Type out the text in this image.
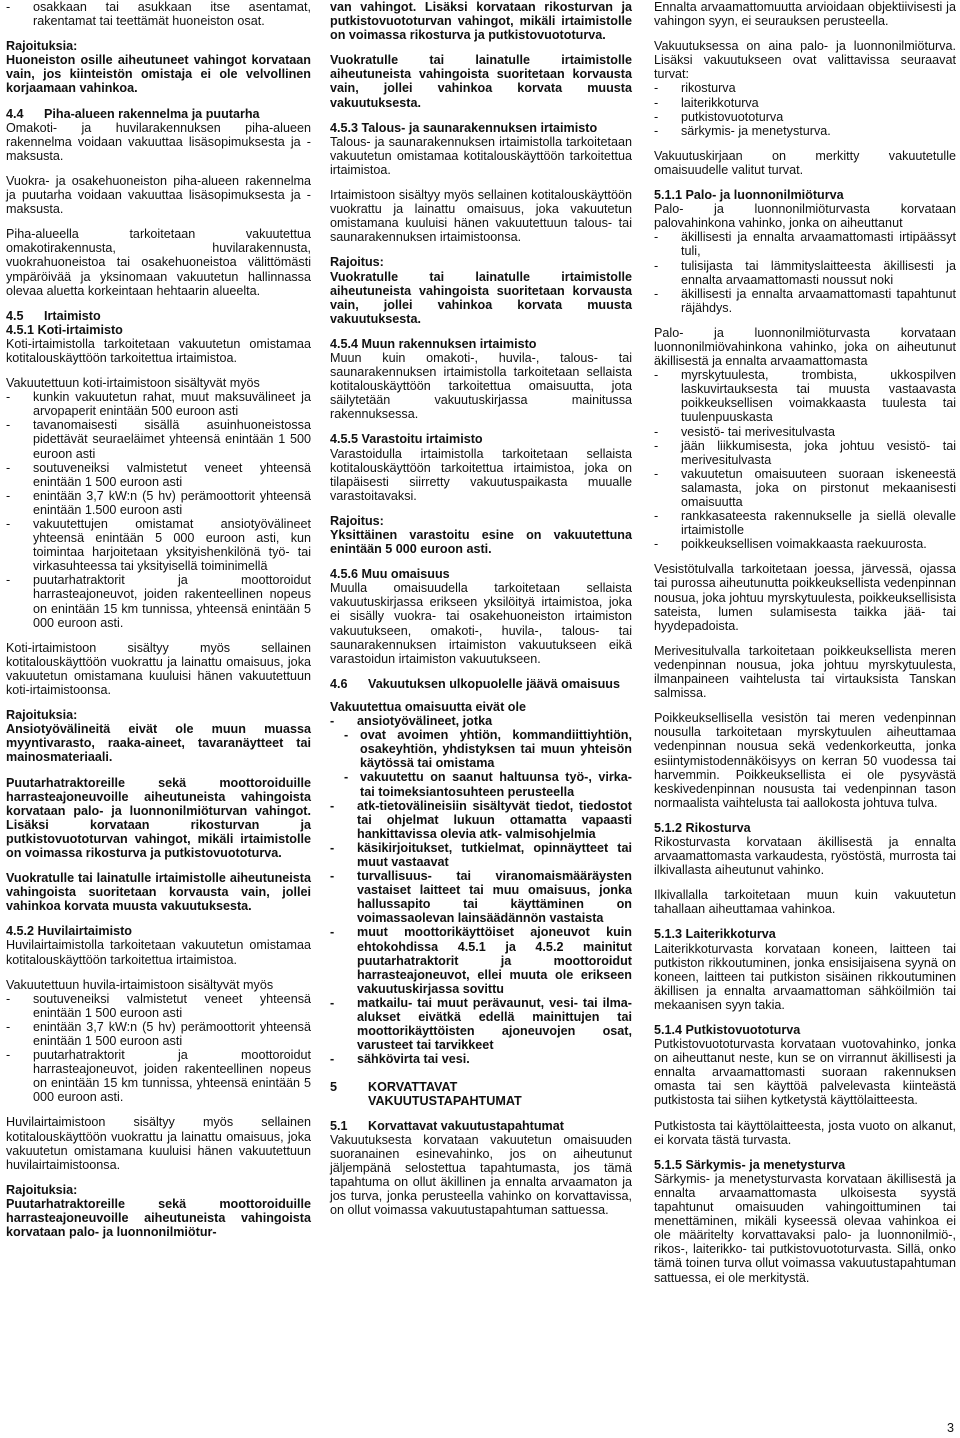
- osakkaan tai asukkaan itse asentamat, rakentamat tai teettämät huoneiston osat.
Rajoituksia:
Huoneiston osille aiheutuneet vahingot korvataan vain, jos kiinteistön omistaja ei ole velvollinen korjaamaan vahinkoa.
4.4 Piha-alueen rakennelma ja puutarha
Omakoti- ja huvilarakennuksen piha-alueen rakennelma voidaan vakuuttaa lisäsopimuksesta ja -maksusta.
Vuokra- ja osakehuoneiston piha-alueen rakennelma ja puutarha voidaan vakuuttaa lisäsopimuksesta ja -maksusta.
Piha-alueella tarkoitetaan vakuutettua omakotirakennusta, huvilarakennusta, vuokrahuoneistoa tai osakehuoneistoa välittömästi ympäröivää ja yksinomaan vakuutetun hallinnassa olevaa aluetta korkeintaan hehtaarin alueelta.
4.5 Irtaimisto
4.5.1 Koti-irtaimisto
Koti-irtaimistolla tarkoitetaan vakuutetun omistamaa kotitalouskäyttöön tarkoitettua irtaimistoa.
Vakuutettuun koti-irtaimistoon sisältyvät myös
- kunkin vakuutetun rahat, muut maksuvälineet ja arvopaperit enintään 500 euroon asti
- tavanomaisesti sisällä asuinhuoneistossa pidettävät seuraeläimet yhteensä enintään 1 500 euroon asti
- soutuveneiksi valmistetut veneet yhteensä enintään 1 500 euroon asti
- enintään 3,7 kW:n (5 hv) perämoottorit yhteensä enintään 1.500 euroon asti
- vakuutettujen omistamat ansiotyövälineet yhteensä enintään 5 000 euroon asti, kun toimintaa harjoitetaan yksityishenkilönä työ- tai virkasuhteessa tai yksityisellä toiminimellä
- puutarhatraktorit ja moottoroidut harrasteajoneuvot, joiden rakenteellinen nopeus on enintään 15 km tunnissa, yhteensä enintään 5 000 euroon asti.
Koti-irtaimistoon sisältyy myös sellainen kotitalouskäyttöön vuokrattu ja lainattu omaisuus, joka vakuutetun omistamana kuuluisi hänen vakuutettuun koti-irtaimistoonsa.
Rajoituksia:
Ansiotyövälineitä eivät ole muun muassa myyntivarasto, raaka-aineet, tavaranäytteet tai mainosmateriaali.
Puutarhatraktoreille sekä moottoroiduille harrasteajoneuvoille aiheutuneista vahingoista korvataan palo- ja luonnonilmiöturvan vahingot. Lisäksi korvataan rikosturvan ja putkistovuototurvan vahingot, mikäli irtaimistolle on voimassa rikosturva ja putkistovuototurva.
Vuokratulle tai lainatulle irtaimistolle aiheutuneista vahingoista suoritetaan korvausta vain, jollei vahinkoa korvata muusta vakuutuksesta.
4.5.2 Huvilairtaimisto
Huvilairtaimistolla tarkoitetaan vakuutetun omistamaa kotitalouskäyttöön tarkoitettua irtaimistoa.
Vakuutettuun huvila-irtaimistoon sisältyvät myös
- soutuveneiksi valmistetut veneet yhteensä enintään 1 500 euroon asti
- enintään 3,7 kW:n (5 hv) perämoottorit yhteensä enintään 1 500 euroon asti
- puutarhatraktorit ja moottoroidut harrasteajoneuvot, joiden rakenteellinen nopeus on enintään 15 km tunnissa, yhteensä enintään 5 000 euroon asti.
Huvilairtaimistoon sisältyy myös sellainen kotitalouskäyttöön vuokrattu ja lainattu omaisuus, joka vakuutetun omistamana kuuluisi hänen vakuutettuun huvilairtaimistoonsa.
Rajoituksia:
Puutarhatraktoreille sekä moottoroiduille harrasteajoneuvoille aiheutuneista vahingoista korvataan palo- ja luonnonilmiötur-
van vahingot. Lisäksi korvataan rikosturvan ja putkistovuototurvan vahingot, mikäli irtaimistolle on voimassa rikosturva ja putkistovuototurva.
Vuokratulle tai lainatulle irtaimistolle aiheutuneista vahingoista suoritetaan korvausta vain, jollei vahinkoa korvata muusta vakuutuksesta.
4.5.3 Talous- ja saunarakennuksen irtaimisto
Talous- ja saunarakennuksen irtaimistolla tarkoitetaan vakuutetun omistamaa kotitalouskäyttöön tarkoitettua irtaimistoa.
Irtaimistoon sisältyy myös sellainen kotitalouskäyttöön vuokrattu ja lainattu omaisuus, joka vakuutetun omistamana kuuluisi hänen vakuutettuun talous- tai saunarakennuksen irtaimistoonsa.
Rajoitus:
Vuokratulle tai lainatulle irtaimistolle aiheutuneista vahingoista suoritetaan korvausta vain, jollei vahinkoa korvata muusta vakuutuksesta.
4.5.4 Muun rakennuksen irtaimisto
Muun kuin omakoti-, huvila-, talous- tai saunarakennuksen irtaimistolla tarkoitetaan sellaista kotitalouskäyttöön tarkoitettua omaisuutta, jota säilytetään vakuutuskirjassa mainitussa rakennuksessa.
4.5.5 Varastoitu irtaimisto
Varastoidulla irtaimistolla tarkoitetaan sellaista kotitalouskäyttöön tarkoitettua irtaimistoa, joka on tilapäisesti siirretty vakuutuspaikasta muualle varastoitavaksi.
Rajoitus:
Yksittäinen varastoitu esine on vakuutettuna enintään 5 000 euroon asti.
4.5.6 Muu omaisuus
Muulla omaisuudella tarkoitetaan sellaista vakuutuskirjassa erikseen yksilöityä irtaimistoa, joka ei sisälly vuokra- tai osakehuoneiston irtaimiston vakuutukseen, omakoti-, huvila-, talous- tai saunarakennuksen irtaimiston vakuutukseen eikä varastoidun irtaimiston vakuutukseen.
4.6	Vakuutuksen ulkopuolelle jäävä omaisuus
Vakuutettua omaisuutta eivät ole
- ansiotyövälineet, jotka
- ovat avoimen yhtiön, kommandiittiyhtiön, osakeyhtiön, yhdistyksen tai muun yhteisön käytössä tai omistama
- vakuutettu on saanut haltuunsa työ-, virka- tai toimeksiantosuhteen perusteella
- atk-tietovälineisiin sisältyvät tiedot, tiedostot tai ohjelmat lukuun ottamatta vapaasti hankittavissa olevia atk- valmisohjelmia
- käsikirjoitukset, tutkielmat, opinnäytteet tai muut vastaavat
- turvallisuus- tai viranomaismääräysten vastaiset laitteet tai muu omaisuus, jonka hallussapito tai käyttäminen on voimassaolevan lainsäädännön vastaista
- muut moottorikäyttöiset ajoneuvot kuin ehtokohdissa 4.5.1 ja 4.5.2 mainitut puutarhatraktorit ja moottoroidut harrasteajoneuvot, ellei muuta ole erikseen vakuutuskirjassa sovittu
- matkailu- tai muut perävaunut, vesi- tai ilma-alukset eivätkä edellä mainittujen tai moottorikäyttöisten ajoneuvojen osat, varusteet tai tarvikkeet
- sähkövirta tai vesi.
5	KORVATTAVAT
VAKUUTUSTAPAHTUMAT
5.1 Korvattavat vakuutustapahtumat
Vakuutuksesta korvataan vakuutetun omaisuuden suoranainen esinevahinko, jos on aiheutunut jäljempänä selostettua tapahtumasta, jos tämä tapahtuma on ollut äkillinen ja ennalta arvaamaton ja jos turva, jonka perusteella vahinko on korvattavissa, on ollut voimassa vakuutustapahtuman sattuessa.
Ennalta arvaamattomuutta arvioidaan objektiivisesti ja vahingon syyn, ei seurauksen perusteella.
Vakuutuksessa on aina palo- ja luonnonilmiöturva. Lisäksi vakuutukseen ovat valittavissa seuraavat turvat:
- rikosturva
- laiterikkoturva
- putkistovuototurva
- särkymis- ja menetysturva.
Vakuutuskirjaan on merkitty vakuutetulle omaisuudelle valitut turvat.
5.1.1 Palo- ja luonnonilmiöturva
Palo- ja luonnonilmiöturvasta korvataan palovahinkona vahinko, jonka on aiheuttanut
- äkillisesti ja ennalta arvaamattomasti irtipäässyt tuli,
- tulisijasta tai lämmityslaitteesta äkillisesti ja ennalta arvaamattomasti noussut noki
- äkillisesti ja ennalta arvaamattomasti tapahtunut räjähdys.
Palo- ja luonnonilmiöturvasta korvataan luonnonilmiövahinkona vahinko, joka on aiheutunut äkillisestä ja ennalta arvaamattomasta
- myrskytuulesta, trombista, ukkospilven laskuvirtauksesta tai muusta vastaavasta poikkeuksellisen voimakkaasta tuulesta tai tuulenpuuskasta
- vesistö- tai merivesitulvasta
- jään liikkumisesta, joka johtuu vesistö- tai merivesitulvasta
- vakuutetun omaisuuteen suoraan iskeneestä salamasta, joka on pirstonut mekaanisesti omaisuutta
- rankkasateesta rakennukselle ja siellä olevalle irtaimistolle
- poikkeuksellisen voimakkaasta raekuurosta.
Vesistötulvalla tarkoitetaan joessa, järvessä, ojassa tai purossa aiheutunutta poikkeuksellista vedenpinnan nousua, joka johtuu myrskytuulesta, poikkeuksellisista sateista, lumen sulamisesta taikka jää- tai hyydepadoista.
Merivesitulvalla tarkoitetaan poikkeuksellista meren vedenpinnan nousua, joka johtuu myrskytuulesta, ilmanpaineen vaihtelusta tai virtauksista Tanskan salmissa.
Poikkeuksellisella vesistön tai meren vedenpinnan nousulla tarkoitetaan myrskytuulen aiheuttamaa vedenpinnan nousua sekä vedenkorkeutta, jonka esiintymistodennäköisyys on kerran 50 vuodessa tai harvemmin. Poikkeuksellista ei ole pysyvästä keskivedenpinnan noususta tai vedenpinnan tason normaalista vaihtelusta tai aallokosta johtuva tulva.
5.1.2 Rikosturva
Rikosturvasta korvataan äkillisestä ja ennalta arvaamattomasta varkaudesta, ryöstöstä, murrosta tai ilkivallasta aiheutunut vahinko.
Ilkivallalla tarkoitetaan muun kuin vakuutetun tahallaan aiheuttamaa vahinkoa.
5.1.3 Laiterikkoturva
Laiterikkoturvasta korvataan koneen, laitteen tai putkiston rikkoutuminen, jonka ensisijaisena syynä on koneen, laitteen tai putkiston sisäinen rikkoutuminen äkillisen ja ennalta arvaamattoman sähköilmiön tai mekaanisen syyn takia.
5.1.4 Putkistovuototurva
Putkistovuototurvasta korvataan vuotovahinko, jonka on aiheuttanut neste, kun se on virrannut äkillisesti ja ennalta arvaamattomasti suoraan rakennuksen omasta tai sen käyttöä palvelevasta kiinteästä putkistosta tai siihen kytketystä käyttölaitteesta.
Putkistosta tai käyttölaitteesta, josta vuoto on alkanut, ei korvata tästä turvasta.
5.1.5 Särkymis- ja menetysturva
Särkymis- ja menetysturvasta korvataan äkillisestä ja ennalta arvaamattomasta ulkoisesta syystä tapahtunut omaisuuden vahingoittuminen tai menettäminen, mikäli kyseessä olevaa vahinkoa ei ole määritelty korvattavaksi palo- ja luonnonilmiö-, rikos-, laiterikko- tai putkistovuototurvasta. Sillä, onko tämä toinen turva ollut voimassa vakuutustapahtuman sattuessa, ei ole merkitystä.
3
